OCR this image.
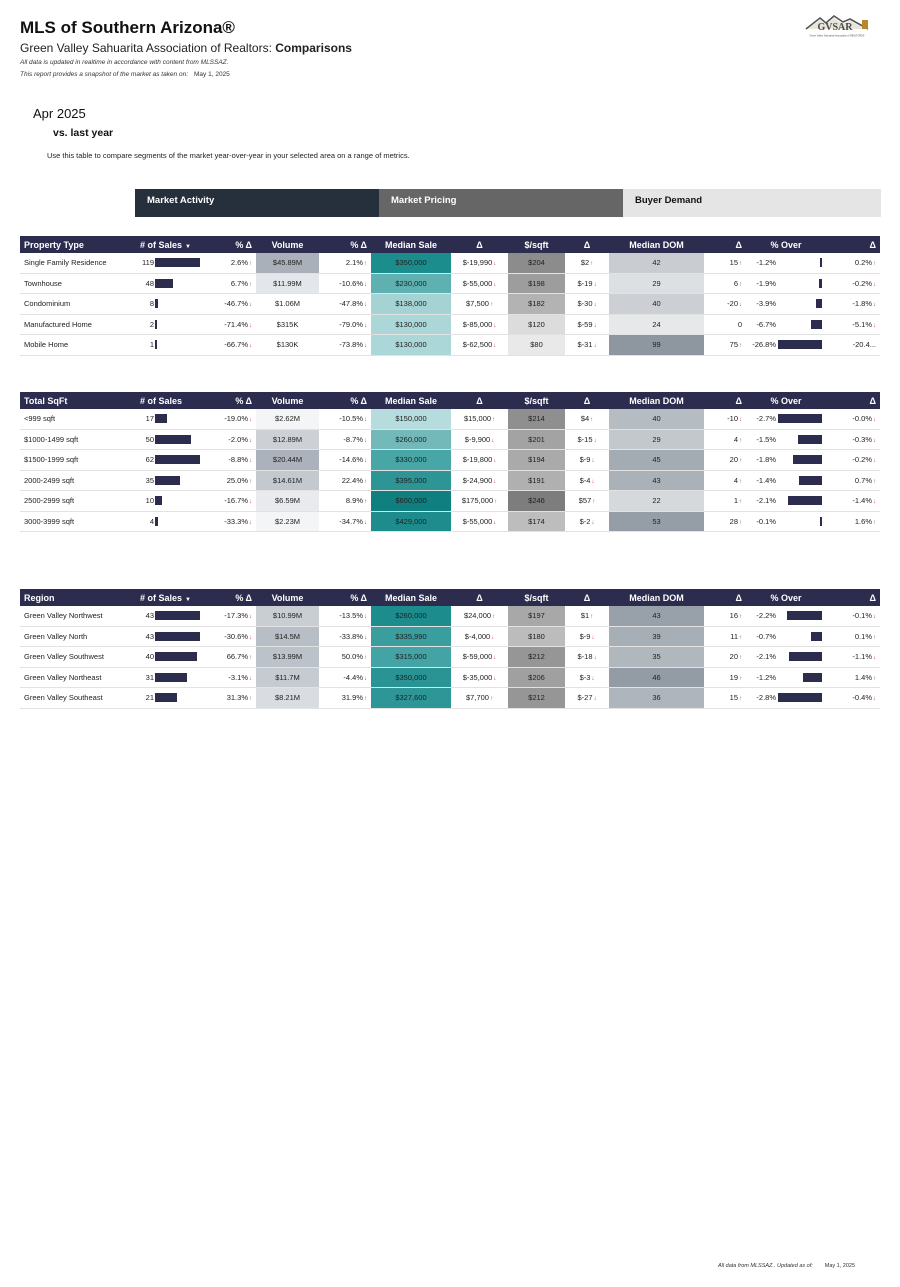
MLS of Southern Arizona®
Green Valley Sahuarita Association of Realtors: Comparisons
All data is updated in realtime in accordance with content from MLSSAZ.
This report provides a snapshot of the market as taken on: May 1, 2025
GVSAR
Green Valley Sahuarita Association of REALTORS®
Apr 2025
vs. last year
Use this table to compare segments of the market year-over-year in your selected area on a range of metrics.
Market Activity	Market Pricing	Buyer Demand
Property Type	# of Sales ▼	% Δ	Volume	% Δ	Median Sale	Δ	$/sqft	Δ	Median DOM	Δ	% Over	Δ
Single Family Residence	119	2.6%↑	$45.89M	2.1%↑	$350,000	$-19,990↓	$204	$2↑	42	15↑	-1.2%	0.2%↑
Townhouse	48	6.7%↑	$11.99M	-10.6%↓	$230,000	$-55,000↓	$198	$-19↓	29	6↑	-1.9%	-0.2%↓
Condominium	8	-46.7%↓	$1.06M	-47.8%↓	$138,000	$7,500↑	$182	$-30↓	40	-20↓	-3.9%	-1.8%↓
Manufactured Home	2	-71.4%↓	$315K	-79.0%↓	$130,000	$-85,000↓	$120	$-59↓	24	0	-6.7%	-5.1%↓
Mobile Home	1	-66.7%↓	$130K	-73.8%↓	$130,000	$-62,500↓	$80	$-31↓	99	75↑	-26.8%	-20.4...
Total SqFt	# of Sales	% Δ	Volume	% Δ	Median Sale	Δ	$/sqft	Δ	Median DOM	Δ	% Over	Δ
<999 sqft	17	-19.0%↓	$2.62M	-10.5%↓	$150,000	$15,000↑	$214	$4↑	40	-10↓	-2.7%	-0.0%↓
$1000-1499 sqft	50	-2.0%↓	$12.89M	-8.7%↓	$260,000	$-9,900↓	$201	$-15↓	29	4↑	-1.5%	-0.3%↓
$1500-1999 sqft	62	-8.8%↓	$20.44M	-14.6%↓	$330,000	$-19,800↓	$194	$-9↓	45	20↑	-1.8%	-0.2%↓
2000-2499 sqft	35	25.0%↑	$14.61M	22.4%↑	$395,000	$-24,900↓	$191	$-4↓	43	4↑	-1.4%	0.7%↑
2500-2999 sqft	10	-16.7%↓	$6.59M	8.9%↑	$600,000	$175,000↑	$246	$57↑	22	1↑	-2.1%	-1.4%↓
3000-3999 sqft	4	-33.3%↓	$2.23M	-34.7%↓	$429,000	$-55,000↓	$174	$-2↓	53	28↑	-0.1%	1.6%↑
Region	# of Sales ▼	% Δ	Volume	% Δ	Median Sale	Δ	$/sqft	Δ	Median DOM	Δ	% Over	Δ
Green Valley Northwest	43	-17.3%↓	$10.99M	-13.5%↓	$260,000	$24,000↑	$197	$1↑	43	16↑	-2.2%	-0.1%↓
Green Valley North	43	-30.6%↓	$14.5M	-33.8%↓	$335,990	$-4,000↓	$180	$-9↓	39	11↑	-0.7%	0.1%↑
Green Valley Southwest	40	66.7%↑	$13.99M	50.0%↑	$315,000	$-59,000↓	$212	$-18↓	35	20↑	-2.1%	-1.1%↓
Green Valley Northeast	31	-3.1%↓	$11.7M	-4.4%↓	$350,000	$-35,000↓	$206	$-3↓	46	19↑	-1.2%	1.4%↑
Green Valley Southeast	21	31.3%↑	$8.21M	31.9%↑	$327,600	$7,700↑	$212	$-27↓	36	15↑	-2.8%	-0.4%↓
All data from MLSSAZ.. Updated as of: May 1, 2025
